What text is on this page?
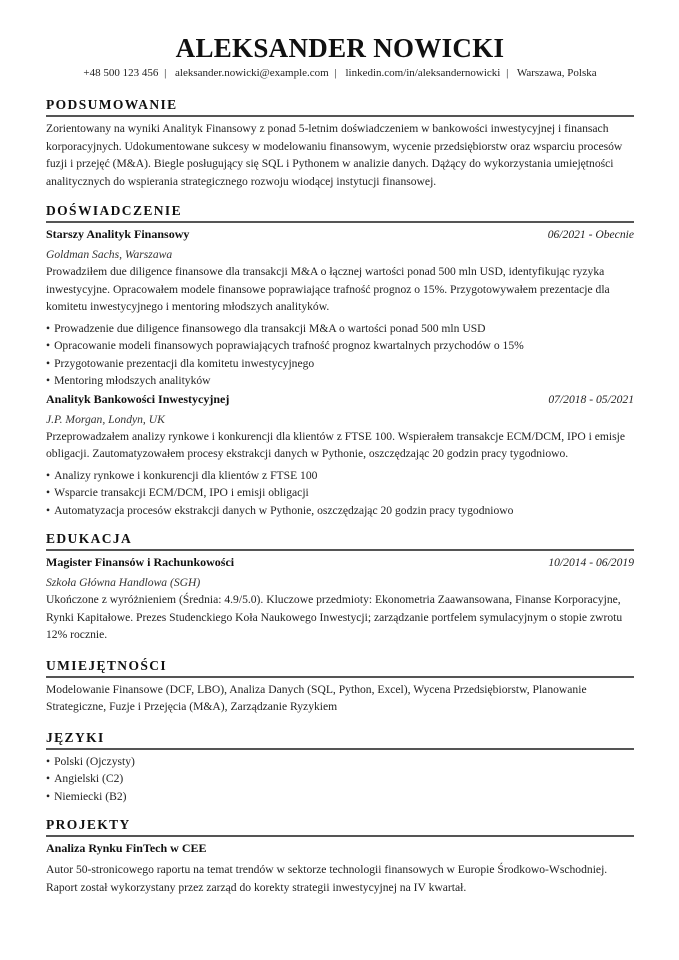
ALEKSANDER NOWICKI
+48 500 123 456 | aleksander.nowicki@example.com | linkedin.com/in/aleksandernowicki | Warszawa, Polska
PODSUMOWANIE

Zorientowany na wyniki Analityk Finansowy z ponad 5-letnim doświadczeniem w bankowości inwestycyjnej i finansach korporacyjnych. Udokumentowane sukcesy w modelowaniu finansowym, wycenie przedsiębiorstw oraz wsparciu procesów fuzji i przejęć (M&A). Biegle posługujący się SQL i Pythonem w analizie danych. Dążący do wykorzystania umiejętności analitycznych do wspierania strategicznego rozwoju wiodącej instytucji finansowej.

DOŚWIADCZENIE
Starszy Analityk Finansowy	06/2021 - Obecnie
Goldman Sachs, Warszawa

Prowadziłem due diligence finansowe dla transakcji M&A o łącznej wartości ponad 500 mln USD, identyfikując ryzyka inwestycyjne. Opracowałem modele finansowe poprawiające trafność prognoz o 15%. Przygotowywałem prezentacje dla komitetu inwestycyjnego i mentoring młodszych analityków.

• Prowadzenie due diligence finansowego dla transakcji M&A o wartości ponad 500 mln USD
• Opracowanie modeli finansowych poprawiających trafność prognoz kwartalnych przychodów o 15%
• Przygotowanie prezentacji dla komitetu inwestycyjnego
• Mentoring młodszych analityków
Analityk Bankowości Inwestycyjnej	07/2018 - 05/2021
J.P. Morgan, Londyn, UK

Przeprowadzałem analizy rynkowe i konkurencji dla klientów z FTSE 100. Wspierałem transakcje ECM/DCM, IPO i emisje obligacji. Zautomatyzowałem procesy ekstrakcji danych w Pythonie, oszczędzając 20 godzin pracy tygodniowo.

• Analizy rynkowe i konkurencji dla klientów z FTSE 100
• Wsparcie transakcji ECM/DCM, IPO i emisji obligacji
• Automatyzacja procesów ekstrakcji danych w Pythonie, oszczędzając 20 godzin pracy tygodniowo
EDUKACJA
Magister Finansów i Rachunkowości	10/2014 - 06/2019
Szkoła Główna Handlowa (SGH)

Ukończone z wyróżnieniem (Średnia: 4.9/5.0). Kluczowe przedmioty: Ekonometria Zaawansowana, Finanse Korporacyjne, Rynki Kapitałowe. Prezes Studenckiego Koła Naukowego Inwestycji; zarządzanie portfelem symulacyjnym o stopie zwrotu 12% rocznie.

UMIEJĘTNOŚCI

Modelowanie Finansowe (DCF, LBO), Analiza Danych (SQL, Python, Excel), Wycena Przedsiębiorstw, Planowanie Strategiczne, Fuzje i Przejęcia (M&A), Zarządzanie Ryzykiem

JĘZYKI
• Polski (Ojczysty)
• Angielski (C2)
• Niemiecki (B2)
PROJEKTY
Analiza Rynku FinTech w CEE

Autor 50-stronicowego raportu na temat trendów w sektorze technologii finansowych w Europie Środkowo-Wschodniej. Raport został wykorzystany przez zarząd do korekty strategii inwestycyjnej na IV kwartał.
